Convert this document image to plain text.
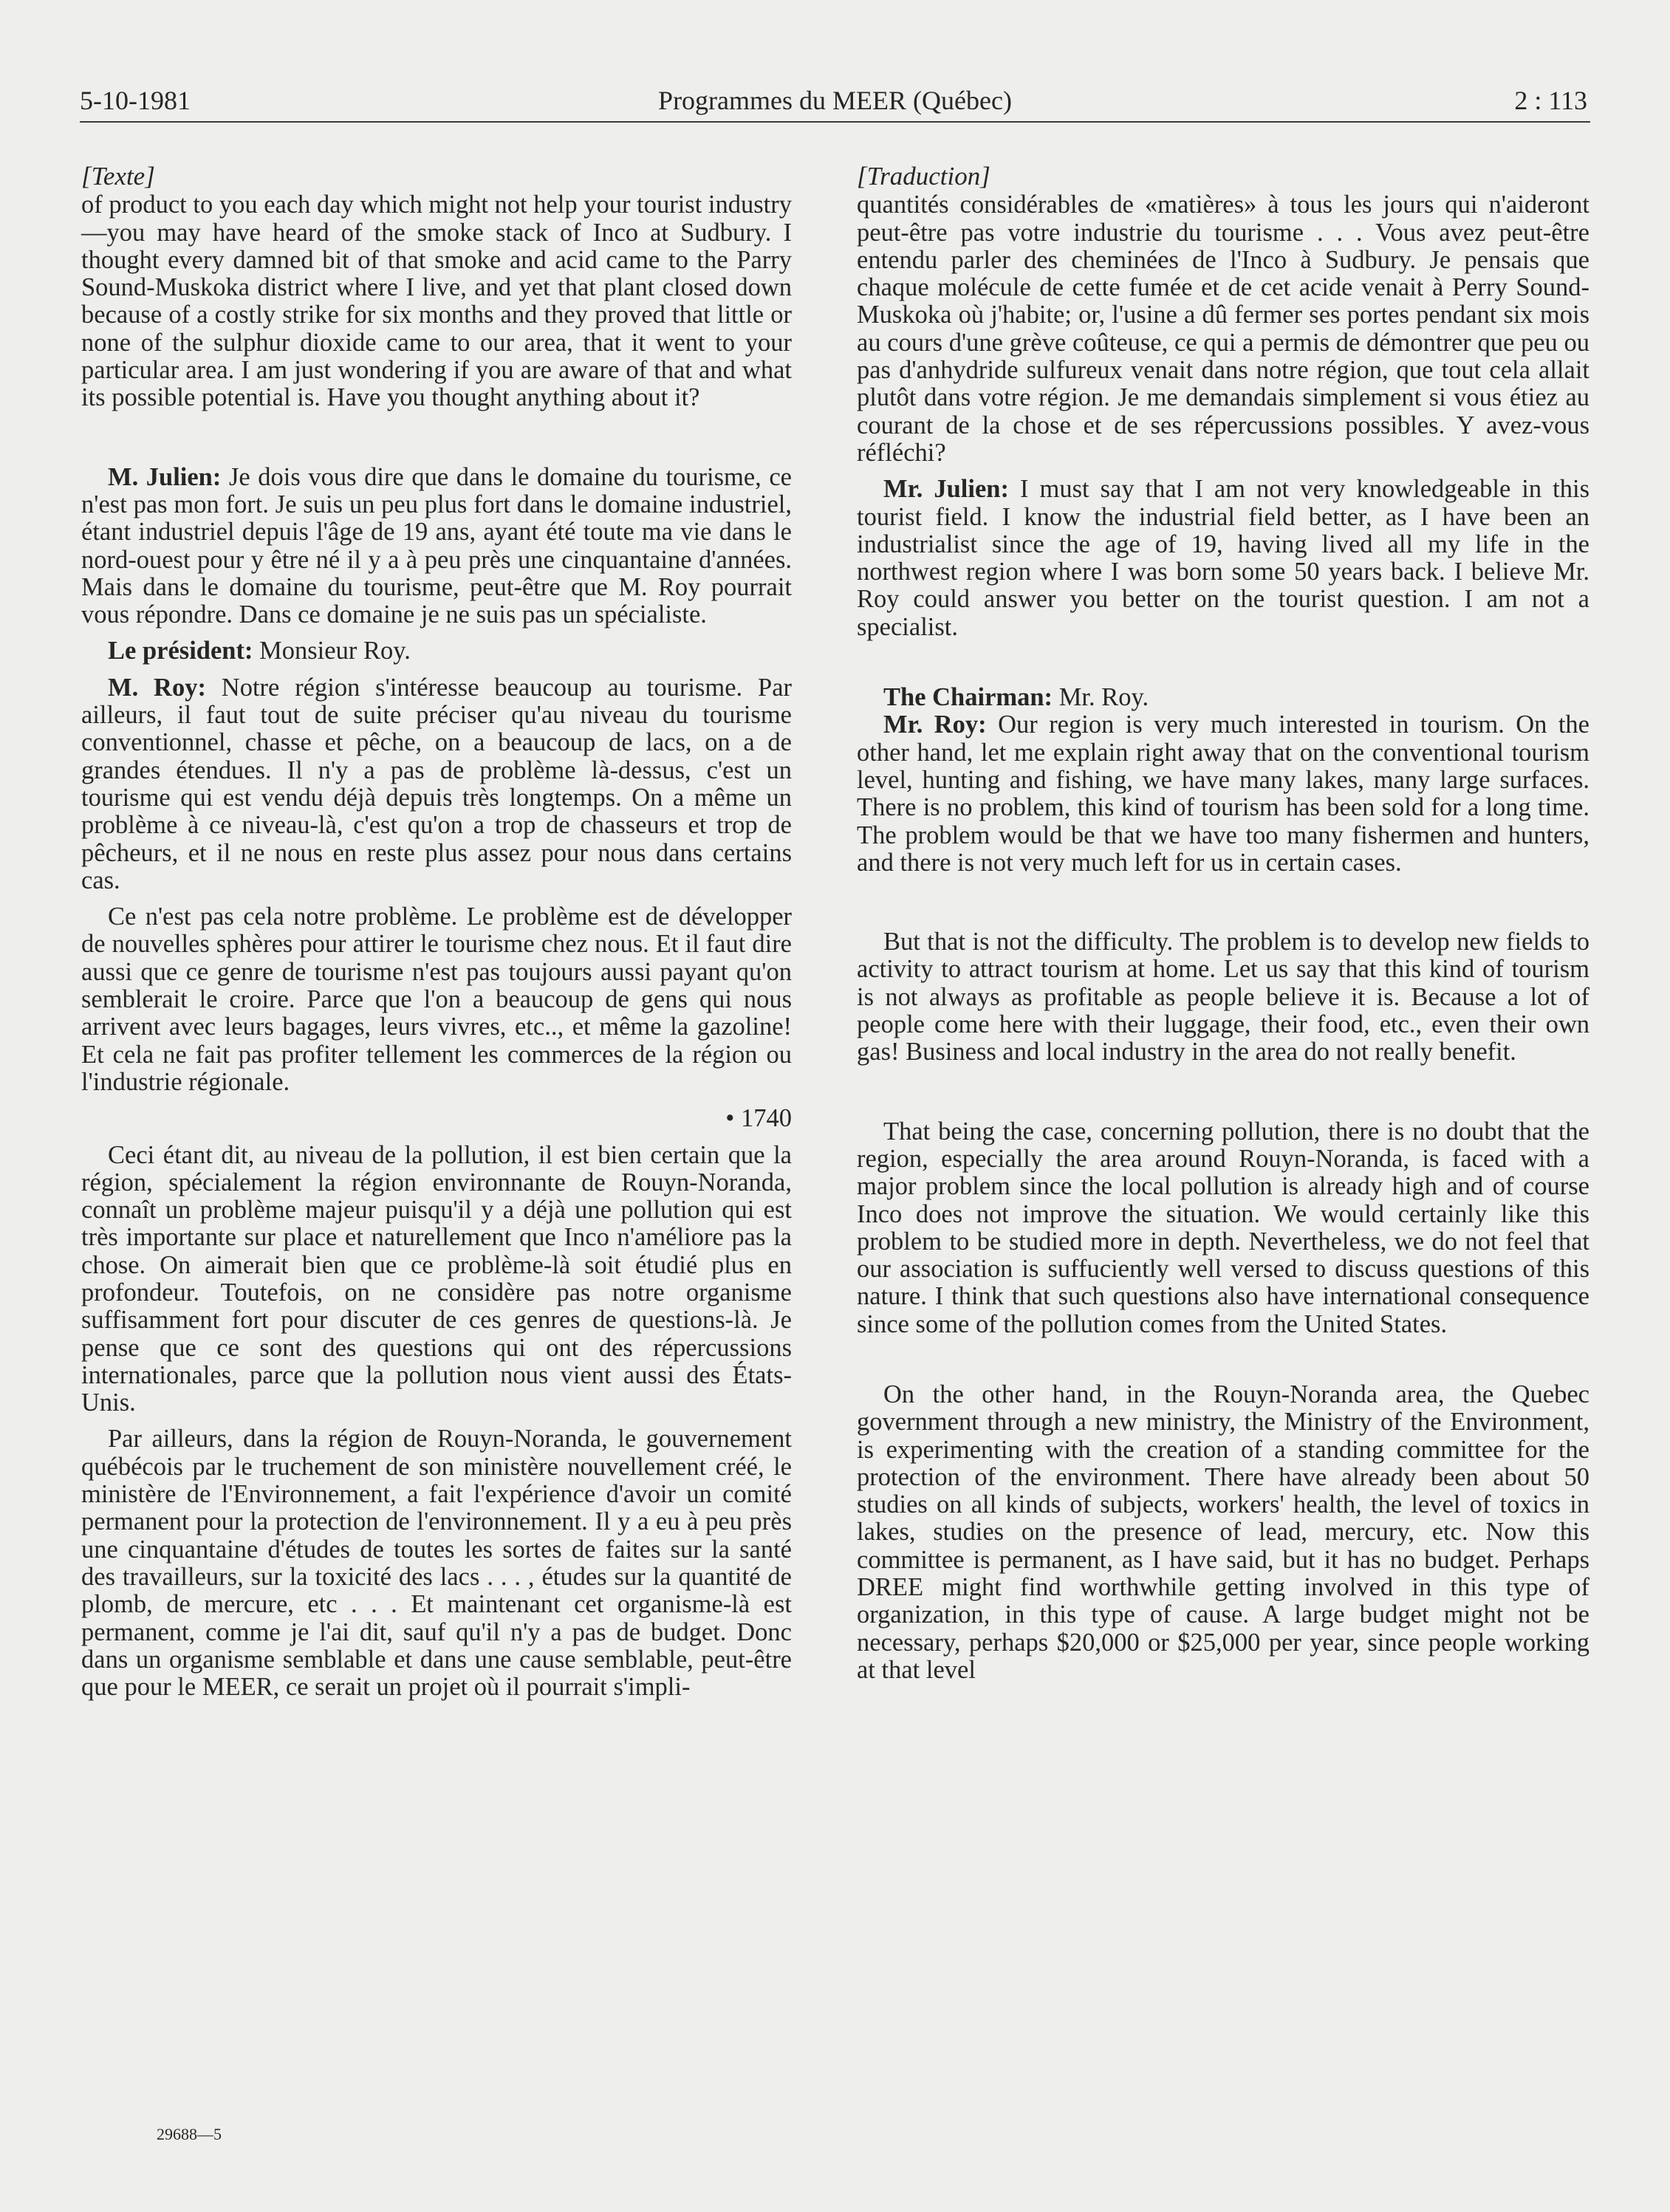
5-10-1981	Programmes du MEER (Québec)	2 : 113

[Texte]

of product to you each day which might not help your tourist industry—you may have heard of the smoke stack of Inco at Sudbury. I thought every damned bit of that smoke and acid came to the Parry Sound-Muskoka district where I live, and yet that plant closed down because of a costly strike for six months and they proved that little or none of the sulphur dioxide came to our area, that it went to your particular area. I am just wondering if you are aware of that and what its possible potential is. Have you thought anything about it?

M. Julien: Je dois vous dire que dans le domaine du tourisme, ce n'est pas mon fort. Je suis un peu plus fort dans le domaine industriel, étant industriel depuis l'âge de 19 ans, ayant été toute ma vie dans le nord-ouest pour y être né il y a à peu près une cinquantaine d'années. Mais dans le domaine du tourisme, peut-être que M. Roy pourrait vous répondre. Dans ce domaine je ne suis pas un spécialiste.

Le président: Monsieur Roy.

M. Roy: Notre région s'intéresse beaucoup au tourisme. Par ailleurs, il faut tout de suite préciser qu'au niveau du tourisme conventionnel, chasse et pêche, on a beaucoup de lacs, on a de grandes étendues. Il n'y a pas de problème là-dessus, c'est un tourisme qui est vendu déjà depuis très longtemps. On a même un problème à ce niveau-là, c'est qu'on a trop de chasseurs et trop de pêcheurs, et il ne nous en reste plus assez pour nous dans certains cas.

Ce n'est pas cela notre problème. Le problème est de développer de nouvelles sphères pour attirer le tourisme chez nous. Et il faut dire aussi que ce genre de tourisme n'est pas toujours aussi payant qu'on semblerait le croire. Parce que l'on a beaucoup de gens qui nous arrivent avec leurs bagages, leurs vivres, etc.., et même la gazoline! Et cela ne fait pas profiter tellement les commerces de la région ou l'industrie régionale.

• 1740

Ceci étant dit, au niveau de la pollution, il est bien certain que la région, spécialement la région environnante de Rouyn-Noranda, connaît un problème majeur puisqu'il y a déjà une pollution qui est très importante sur place et naturellement que Inco n'améliore pas la chose. On aimerait bien que ce problème-là soit étudié plus en profondeur. Toutefois, on ne considère pas notre organisme suffisamment fort pour discuter de ces genres de questions-là. Je pense que ce sont des questions qui ont des répercussions internationales, parce que la pollution nous vient aussi des États-Unis.

Par ailleurs, dans la région de Rouyn-Noranda, le gouvernement québécois par le truchement de son ministère nouvellement créé, le ministère de l'Environnement, a fait l'expérience d'avoir un comité permanent pour la protection de l'environnement. Il y a eu à peu près une cinquantaine d'études de toutes les sortes de faites sur la santé des travailleurs, sur la toxicité des lacs . . . , études sur la quantité de plomb, de mercure, etc . . . Et maintenant cet organisme-là est permanent, comme je l'ai dit, sauf qu'il n'y a pas de budget. Donc dans un organisme semblable et dans une cause semblable, peut-être que pour le MEER, ce serait un projet où il pourrait s'impli-

[Traduction]

quantités considérables de «matières» à tous les jours qui n'aideront peut-être pas votre industrie du tourisme . . . Vous avez peut-être entendu parler des cheminées de l'Inco à Sudbury. Je pensais que chaque molécule de cette fumée et de cet acide venait à Perry Sound-Muskoka où j'habite; or, l'usine a dû fermer ses portes pendant six mois au cours d'une grève coûteuse, ce qui a permis de démontrer que peu ou pas d'anhydride sulfureux venait dans notre région, que tout cela allait plutôt dans votre région. Je me demandais simplement si vous étiez au courant de la chose et de ses répercussions possibles. Y avez-vous réfléchi?

Mr. Julien: I must say that I am not very knowledgeable in this tourist field. I know the industrial field better, as I have been an industrialist since the age of 19, having lived all my life in the northwest region where I was born some 50 years back. I believe Mr. Roy could answer you better on the tourist question. I am not a specialist.

The Chairman: Mr. Roy.

Mr. Roy: Our region is very much interested in tourism. On the other hand, let me explain right away that on the conventional tourism level, hunting and fishing, we have many lakes, many large surfaces. There is no problem, this kind of tourism has been sold for a long time. The problem would be that we have too many fishermen and hunters, and there is not very much left for us in certain cases.

But that is not the difficulty. The problem is to develop new fields to activity to attract tourism at home. Let us say that this kind of tourism is not always as profitable as people believe it is. Because a lot of people come here with their luggage, their food, etc., even their own gas! Business and local industry in the area do not really benefit.

That being the case, concerning pollution, there is no doubt that the region, especially the area around Rouyn-Noranda, is faced with a major problem since the local pollution is already high and of course Inco does not improve the situation. We would certainly like this problem to be studied more in depth. Nevertheless, we do not feel that our association is suffuciently well versed to discuss questions of this nature. I think that such questions also have international consequence since some of the pollution comes from the United States.

On the other hand, in the Rouyn-Noranda area, the Quebec government through a new ministry, the Ministry of the Environment, is experimenting with the creation of a standing committee for the protection of the environment. There have already been about 50 studies on all kinds of subjects, workers' health, the level of toxics in lakes, studies on the presence of lead, mercury, etc. Now this committee is permanent, as I have said, but it has no budget. Perhaps DREE might find worthwhile getting involved in this type of organization, in this type of cause. A large budget might not be necessary, perhaps $20,000 or $25,000 per year, since people working at that level

29688—5
